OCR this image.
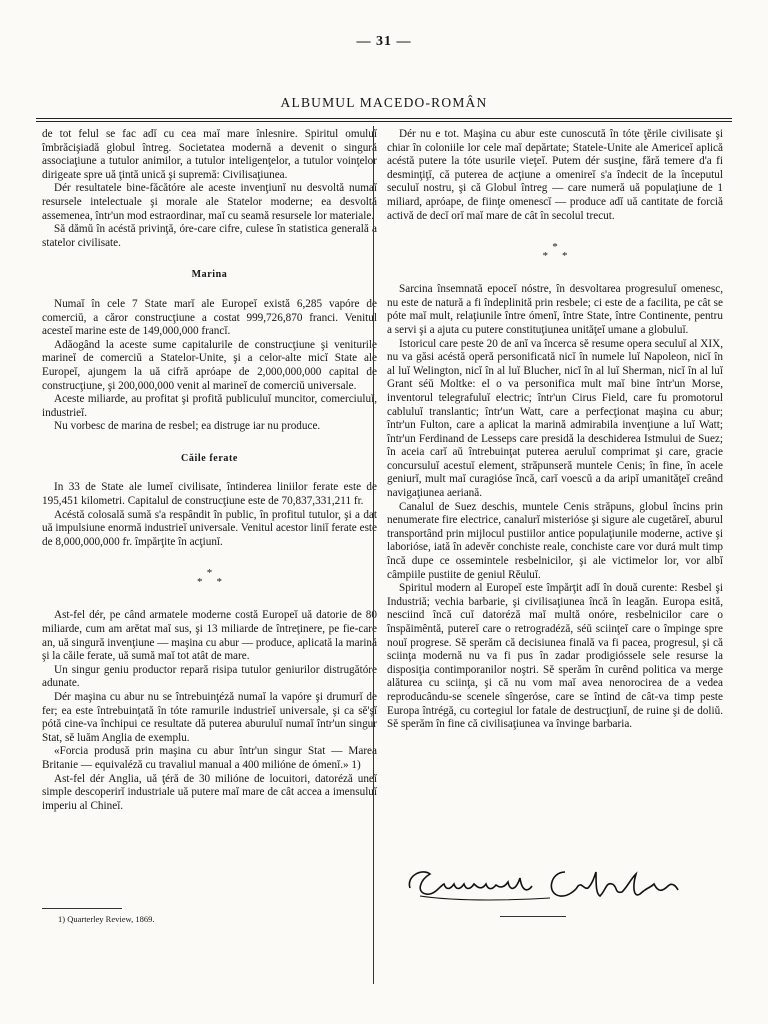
— 31 —
ALBUMUL MACEDO-ROMÂN

de tot felul se fac adĭ cu cea maĭ mare înlesnire. Spiritul omuluĭ îmbrăcişiadă globul întreg. Societatea modernă a devenit o singură associaţiune a tutulor animilor, a tutulor inteligenţelor, a tutulor voinţelor dirigeate spre uă ţintă unică şi supremă: Civilisaţiunea.

Dér resultatele bine-făcătóre ale aceste invenţiunĭ nu desvoltă numaĭ resursele intelectuale şi morale ale Statelor moderne; ea desvoltă assemenea, într'un mod estraordinar, maĭ cu seamă resursele lor materiale.

Să dămŭ în acéstă privinţă, óre-care cifre, culese în statistica generală a statelor civilisate.

Marina

Numaĭ în cele 7 State marĭ ale Europeĭ există 6,285 vapóre de comerciŭ, a căror construcţiune a costat 999,726,870 franci. Venitul acesteĭ marine este de 149,000,000 francĭ.

Adăogând la aceste sume capitalurile de construcţiune şi veniturile marineĭ de comerciŭ a Statelor-Unite, şi a celor-alte micĭ State ale Europeĭ, ajungem la uă cifră apróape de 2,000,000,000 capital de construcţiune, şi 200,000,000 venit al marineĭ de comerciŭ universale.

Aceste miliarde, au profitat şi profită publiculuĭ muncitor, comerciuluĭ, industrieĭ.

Nu vorbesc de marina de resbel; ea distruge iar nu produce.

Căile ferate

In 33 de State ale lumeĭ civilisate, întinderea liniilor ferate este de 195,451 kilometri. Capitalul de construcţiune este de 70,837,331,211 fr.

Acéstă colosală sumă s'a respândit în public, în profitul tutulor, şi a dat uă impulsiune enormă industrieĭ universale. Venitul acestor liniĭ ferate este de 8,000,000,000 fr. împărţite în acţiunĭ.

*
**

Ast-fel dér, pe când armatele moderne costă Europeĭ uă datorie de 80 miliarde, cum am arĕtat maĭ sus, şi 13 miliarde de întreţinere, pe fie-care an, uă singură invenţiune — maşina cu abur — produce, aplicată la marină şi la căile ferate, uă sumă maĭ tot atât de mare.

Un singur geniu productor repară risipa tutulor geniurilor distrugătóre adunate.

Dér maşina cu abur nu se întrebuinţéză numaĭ la vapóre şi drumurĭ de fer; ea este întrebuinţată în tóte ramurile industrieĭ universale, şi ca sĕ'şĭ pótă cine-va închipui ce resultate dă puterea aburuluĭ numaĭ într'un singur Stat, sĕ luăm Anglia de exemplu.

«Forcia produsă prin maşina cu abur într'un singur Stat — Marea Britanie — equivaléză cu travaliul manual a 400 milióne de ómenĭ.» 1)

Ast-fel dér Anglia, uă ţéră de 30 milióne de locuitori, datoréză uneĭ simple descoperirĭ industriale uă putere maĭ mare de cât accea a imensuluĭ imperiu al Chineĭ.

Dér nu e tot. Maşina cu abur este cunoscută în tóte ţĕrile civilisate şi chiar în coloniile lor cele maĭ depărtate; Statele-Unite ale Americeĭ aplică acéstă putere la tóte usurile vieţeĭ. Putem dér susţine, fără temere d'a fi desminţiţĭ, că puterea de acţiune a omenireĭ s'a îndecit de la începutul seculuĭ nostru, şi că Globul întreg — care numeră uă populaţiune de 1 miliard, apróape, de fiinţe omenescĭ — produce adĭ uă cantitate de forciă activă de decĭ orĭ maĭ mare de cât în secolul trecut.

*
**

Sarcina însemnată epoceĭ nóstre, în desvoltarea progresuluĭ omenesc, nu este de natură a fi îndeplinită prin resbele; ci este de a facilita, pe cât se póte maĭ mult, relaţiunile între ómenĭ, între State, între Continente, pentru a servi şi a ajuta cu putere constituţiunea unităţeĭ umane a globuluĭ.

Istoricul care peste 20 de anĭ va încerca sĕ resume opera seculuĭ al XIX, nu va găsi acéstă operă personificată nicĭ în numele luĭ Napoleon, nicĭ în al luĭ Welington, nicĭ în al luĭ Blucher, nicĭ în al luĭ Sherman, nicĭ în al luĭ Grant séŭ Moltke: el o va personifica mult maĭ bine într'un Morse, inventorul telegrafuluĭ electric; într'un Cirus Field, care fu promotorul cabluluĭ translantic; într'un Watt, care a perfecţionat maşina cu abur; într'un Fulton, care a aplicat la marină admirabila invenţiune a luĭ Watt; într'un Ferdinand de Lesseps care presidă la deschiderea Istmului de Suez; în aceia carĭ aŭ întrebuinţat puterea aeruluĭ comprimat şi care, gracie concursuluĭ acestuĭ element, străpunseră muntele Cenis; în fine, în acele geniurĭ, mult maĭ curagióse încă, carĭ voescŭ a da aripĭ umanităţeĭ creând navigaţiunea aeriană.

Canalul de Suez deschis, muntele Cenis străpuns, globul încins prin nenumerate fire electrice, canalurĭ misterióse şi sigure ale cugetăreĭ, aburul transportând prin mijlocul pustiilor antice populaţiunile moderne, active şi laborióse, iată în adevĕr conchiste reale, conchiste care vor durá mult timp încă dupe ce ossemintele resbelnicilor, şi ale victimelor lor, vor albĭ câmpiile pustiite de geniul Rĕuluĭ.

Spiritul modern al Europeĭ este împărţit adĭ în două curente: Resbel şi Industriă; vechia barbarie, şi civilisaţiunea încă în leagăn. Europa esită, nesciind încă cuĭ datoréză maĭ multă onóre, resbelnicilor care o înspăimêntă, putereĭ care o retrogradéză, séŭ sciinţeĭ care o împinge spre nouĭ progrese. Sĕ sperăm că decisiunea finală va fi pacea, progresul, şi că sciinţa modernă nu va fi pus în zadar prodigióssele sele resurse la disposiţia contimporanilor noştri. Sĕ sperăm în curênd politica va merge alăturea cu sciinţa, şi că nu vom maĭ avea nenorocirea de a vedea reproducându-se scenele sîngeróse, care se întind de cât-va timp peste Europa întrégă, cu cortegiul lor fatale de destrucţiunĭ, de ruine şi de doliŭ. Sĕ sperăm în fine că civilisaţiunea va învinge barbaria.

1) Quarterley Review, 1869.
